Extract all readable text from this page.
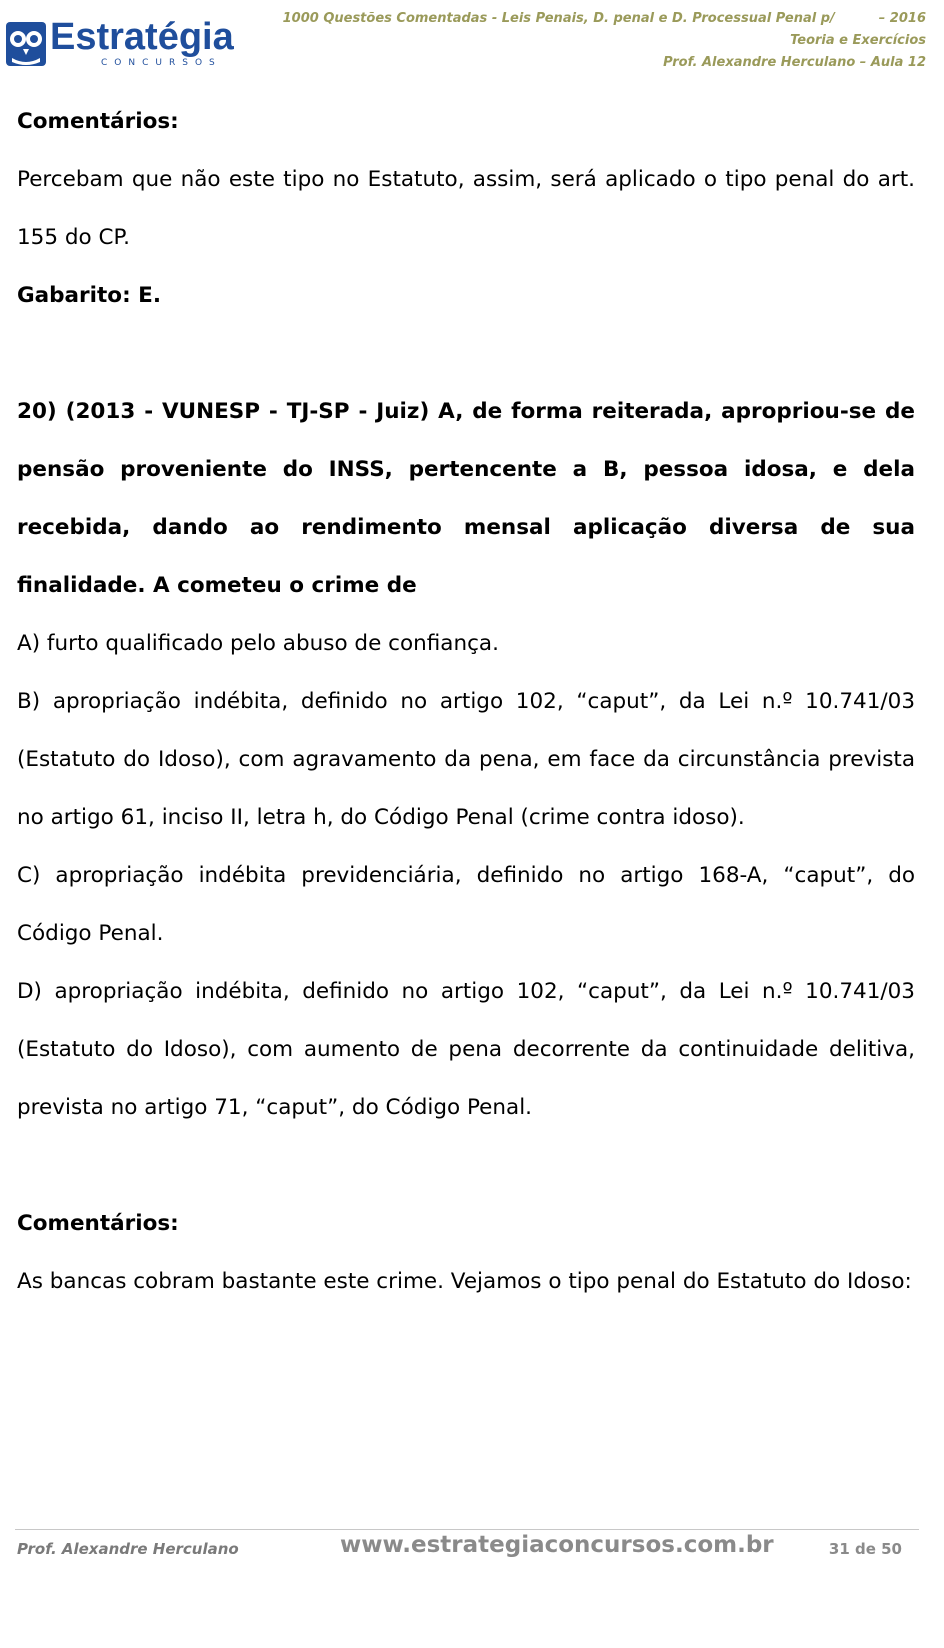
Estratégia
CONCURSOS
1000 Questões Comentadas - Leis Penais, D. penal e D. Processual Penal p/	– 2016
Teoria e Exercícios
Prof. Alexandre Herculano – Aula 12

Comentários:

Percebam que não este tipo no Estatuto, assim, será aplicado o tipo penal do art. 155 do CP.

Gabarito: E.

20) (2013 - VUNESP - TJ-SP - Juiz) A, de forma reiterada, apropriou-se de pensão proveniente do INSS, pertencente a B, pessoa idosa, e dela recebida, dando ao rendimento mensal aplicação diversa de sua finalidade. A cometeu o crime de

A) furto qualificado pelo abuso de confiança.

B) apropriação indébita, definido no artigo 102, “caput”, da Lei n.º 10.741/03 (Estatuto do Idoso), com agravamento da pena, em face da circunstância prevista no artigo 61, inciso II, letra h, do Código Penal (crime contra idoso).

C) apropriação indébita previdenciária, definido no artigo 168-A, “caput”, do Código Penal.

D) apropriação indébita, definido no artigo 102, “caput”, da Lei n.º 10.741/03 (Estatuto do Idoso), com aumento de pena decorrente da continuidade delitiva, prevista no artigo 71, “caput”, do Código Penal.

Comentários:

As bancas cobram bastante este crime. Vejamos o tipo penal do Estatuto do Idoso:

Prof. Alexandre Herculano	www.estrategiaconcursos.com.br	31 de 50
